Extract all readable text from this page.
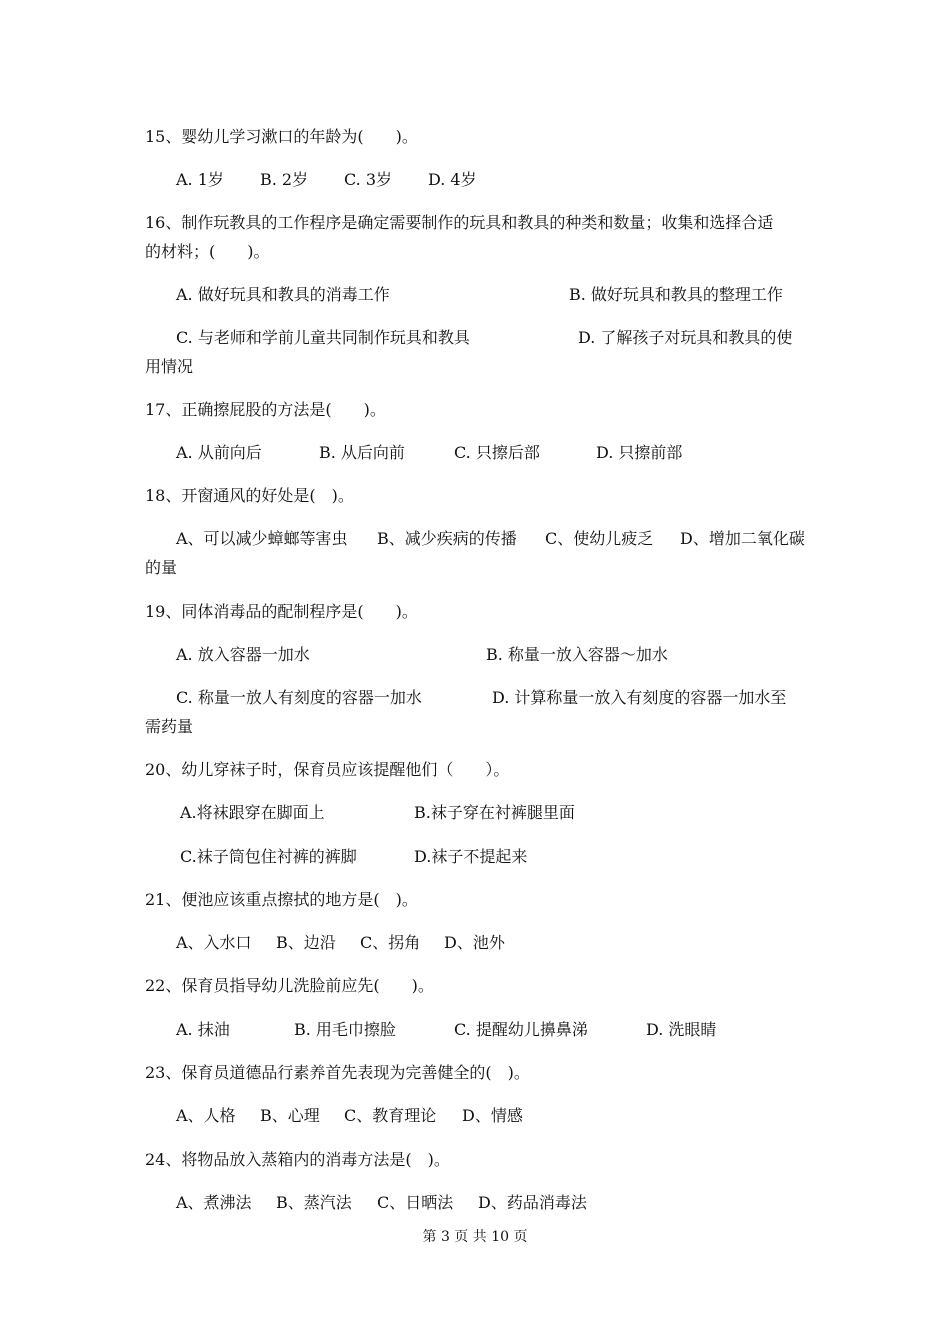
15、婴幼儿学习漱口的年龄为(　　)。

A. 1岁

B. 2岁

C. 3岁

D. 4岁

16、制作玩教具的工作程序是确定需要制作的玩具和教具的种类和数量；收集和选择合适

的材料；(　　)。

A. 做好玩具和教具的消毒工作

	B. 做好玩具和教具的整理工作

C. 与老师和学前儿童共同制作玩具和教具

	D. 了解孩子对玩具和教具的使

用情况

17、正确擦屁股的方法是(　　)。

A. 从前向后

	B. 从后向前

	C. 只擦后部

	D. 只擦前部

18、开窗通风的好处是(　)。

A、可以减少蟑螂等害虫

B、减少疾病的传播

C、使幼儿疲乏

D、增加二氧化碳

的量

19、同体消毒品的配制程序是(　　)。

A. 放入容器一加水

	B. 称量一放入容器～加水

C. 称量一放人有刻度的容器一加水

	D. 计算称量一放入有刻度的容器一加水至

需药量

20、幼儿穿袜子时，保育员应该提醒他们（　　）。

A.将袜跟穿在脚面上

	B.袜子穿在衬裤腿里面

C.袜子筒包住衬裤的裤脚

	D.袜子不提起来

21、便池应该重点擦拭的地方是(　)。

A、入水口

B、边沿

C、拐角

D、池外

22、保育员指导幼儿洗脸前应先(　　)。

A. 抹油

	B. 用毛巾擦脸

	C. 提醒幼儿擤鼻涕

	D. 洗眼睛

23、保育员道德品行素养首先表现为完善健全的(　)。

A、人格

B、心理

C、教育理论

D、情感

24、将物品放入蒸箱内的消毒方法是(　)。

A、煮沸法

B、蒸汽法

C、日晒法

D、药品消毒法

第 3 页 共 10 页
